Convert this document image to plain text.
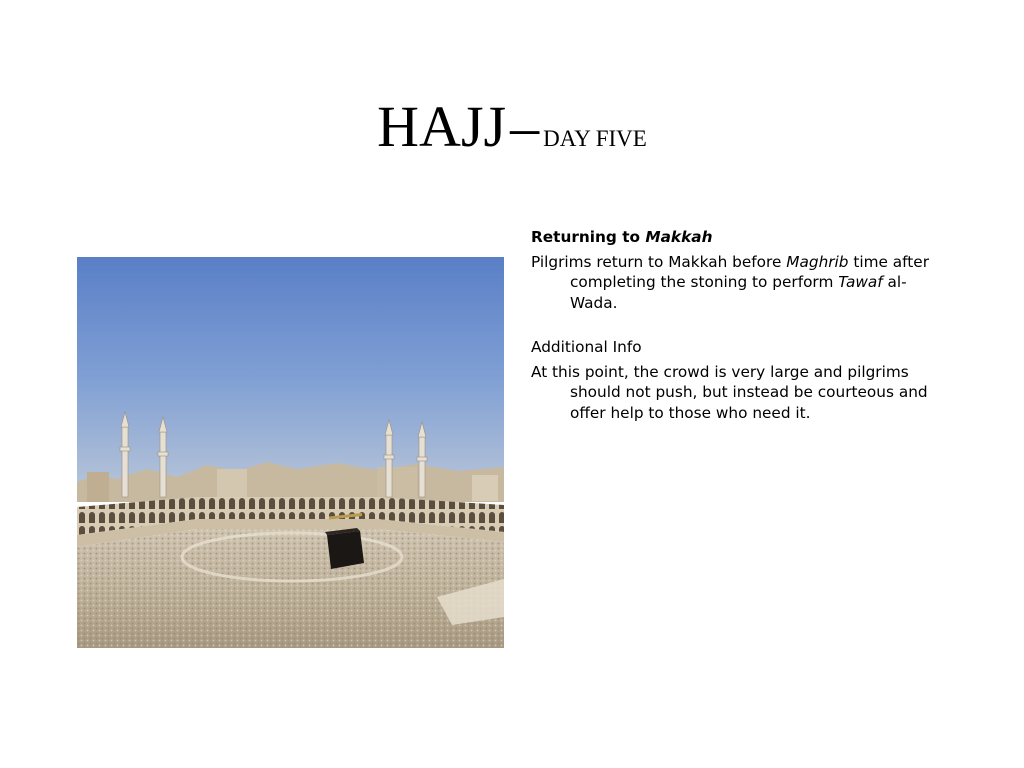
HAJJ – DAY FIVE

Returning to Makkah

Pilgrims return to Makkah before Maghrib time after completing the stoning to perform Tawaf al-Wada.

Additional Info

At this point, the crowd is very large and pilgrims should not push, but instead be courteous and offer help to those who need it.
